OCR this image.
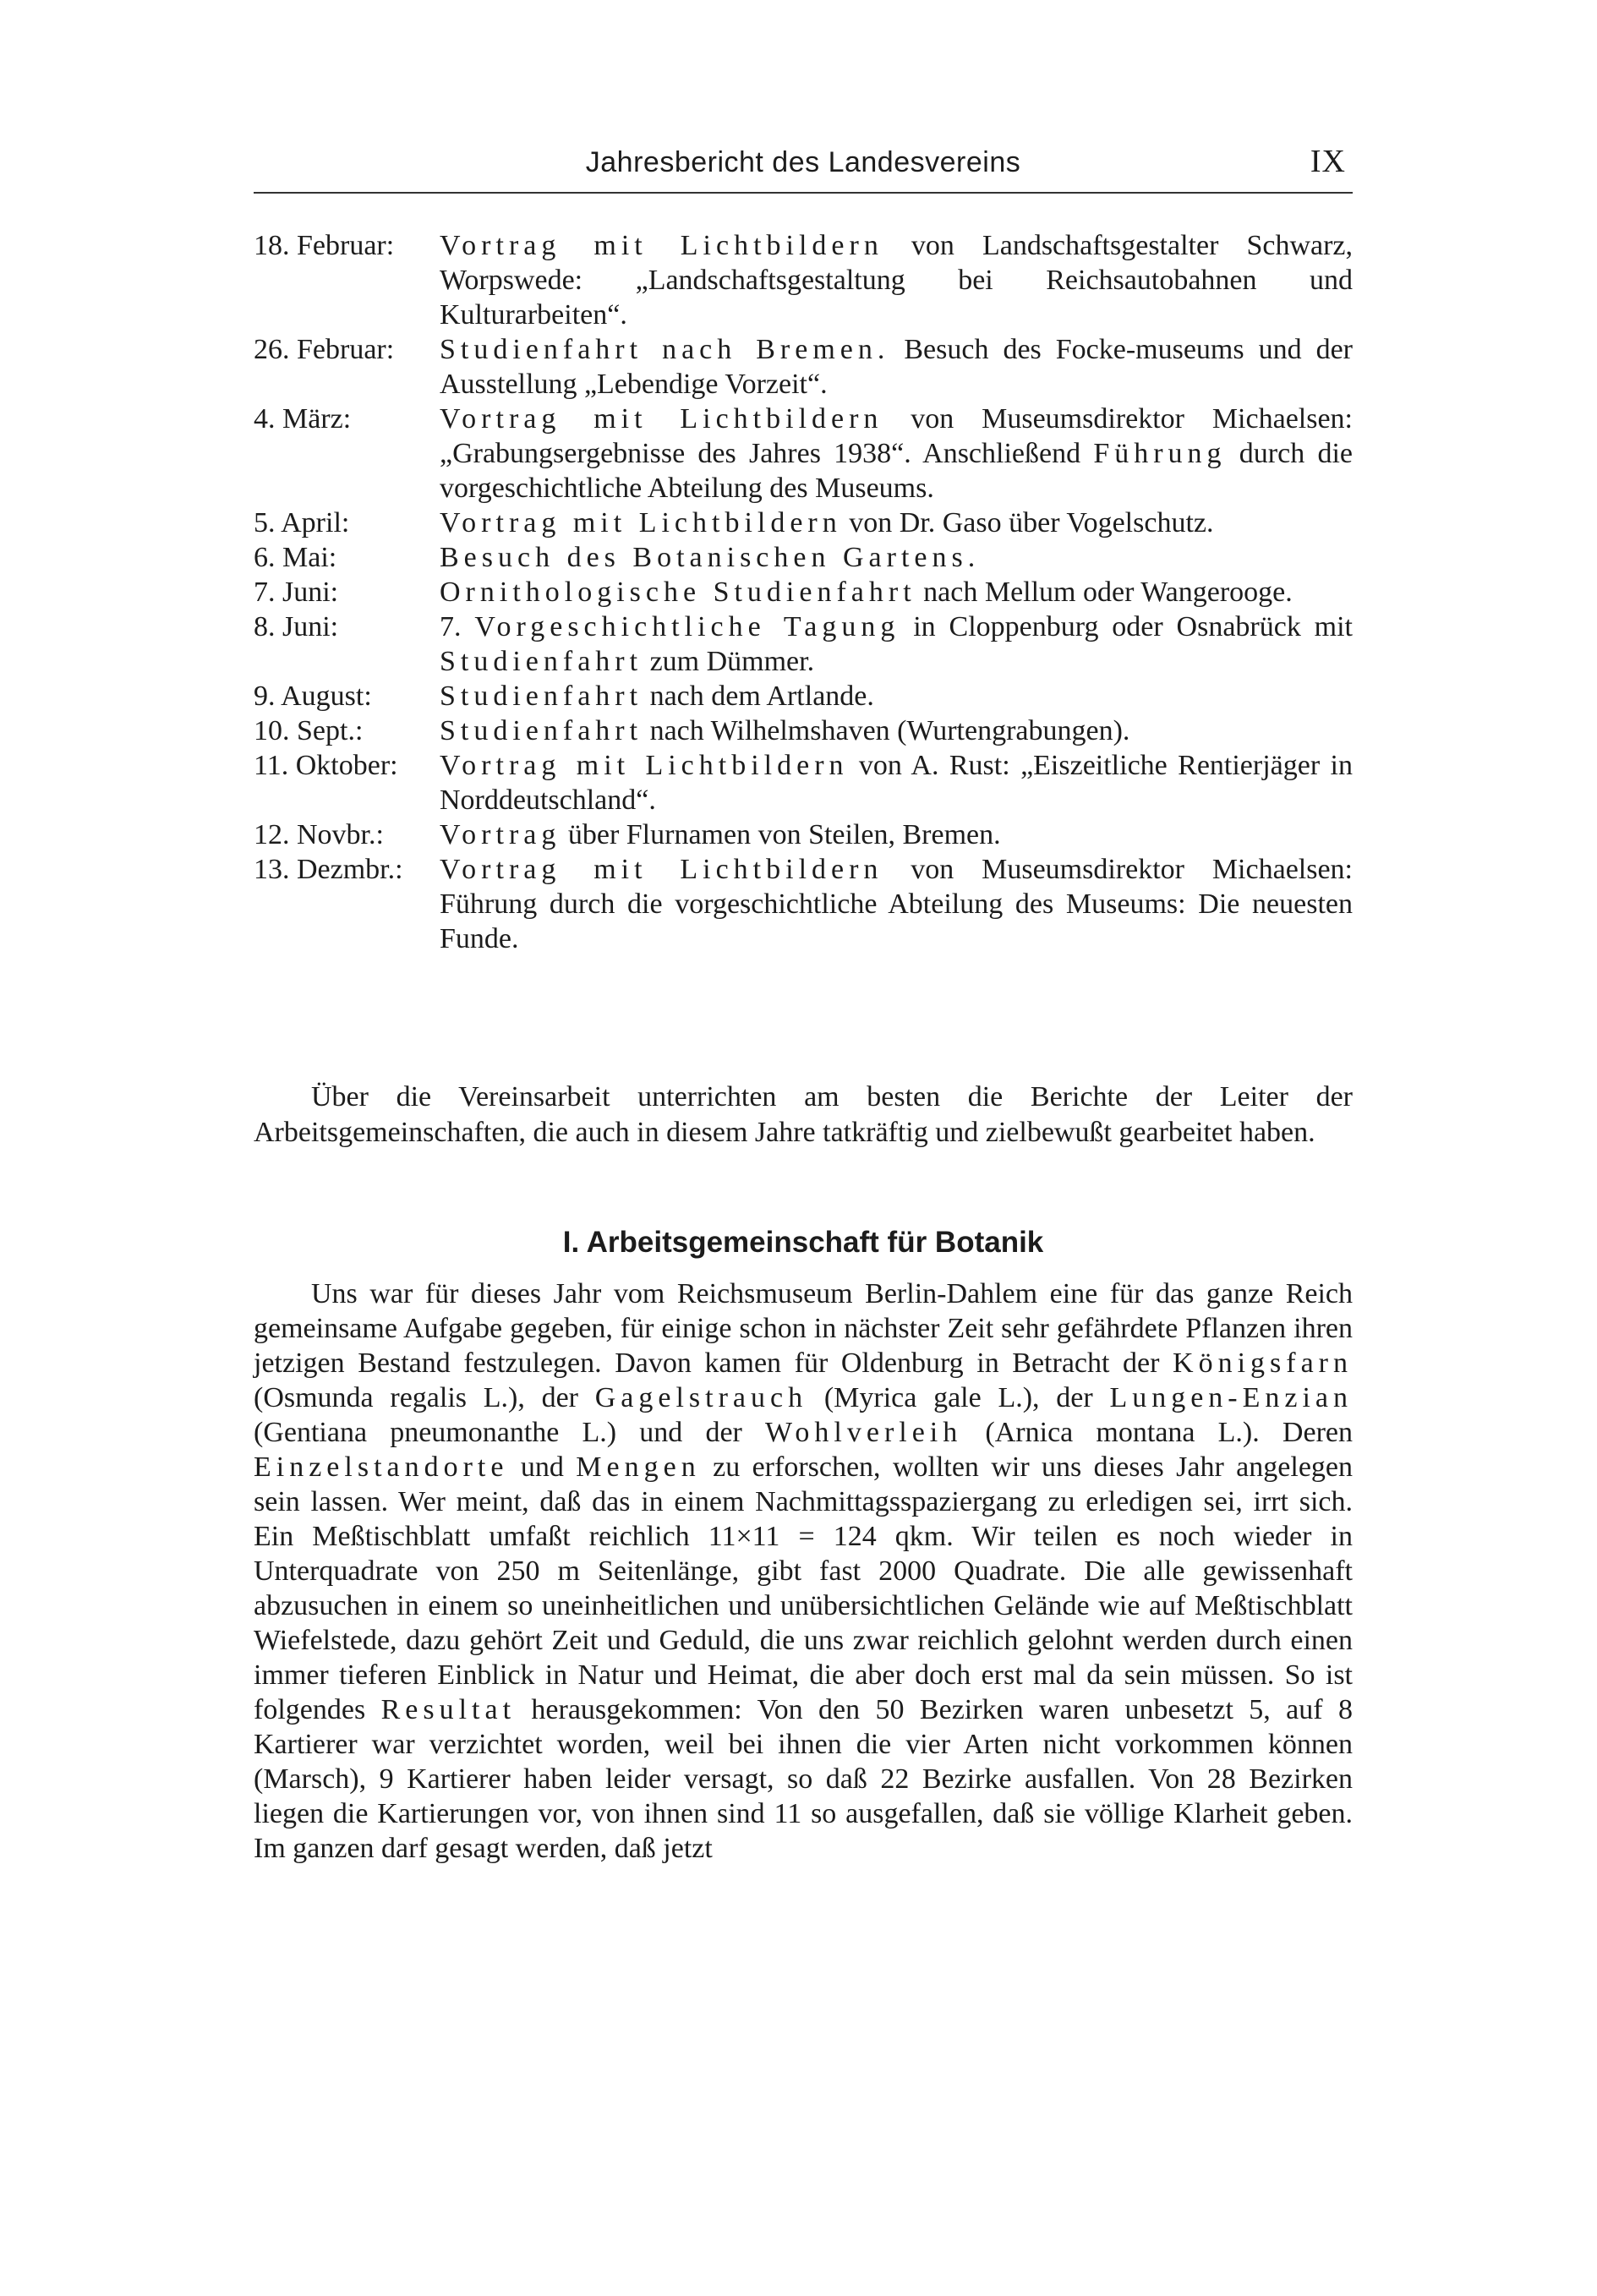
Jahresbericht des Landesvereins	IX

18. Februar:	Vortrag mit Lichtbildern von Landschaftsgestalter Schwarz, Worpswede: „Landschaftsgestaltung bei Reichsautobahnen und Kulturarbeiten“.

26. Februar:	Studienfahrt nach Bremen. Besuch des Focke-museums und der Ausstellung „Lebendige Vorzeit“.

4. März:	Vortrag mit Lichtbildern von Museumsdirektor Michaelsen: „Grabungsergebnisse des Jahres 1938“. Anschließend Führung durch die vorgeschichtliche Abteilung des Museums.

5. April:	Vortrag mit Lichtbildern von Dr. Gaso über Vogelschutz.

6. Mai:	Besuch des Botanischen Gartens.

7. Juni:	Ornithologische Studienfahrt nach Mellum oder Wangerooge.

8. Juni:	7. Vorgeschichtliche Tagung in Cloppenburg oder Osnabrück mit Studienfahrt zum Dümmer.

9. August:	Studienfahrt nach dem Artlande.

10. Sept.:	Studienfahrt nach Wilhelmshaven (Wurtengrabungen).

11. Oktober:	Vortrag mit Lichtbildern von A. Rust: „Eiszeitliche Rentierjäger in Norddeutschland“.

12. Novbr.:	Vortrag über Flurnamen von Steilen, Bremen.

13. Dezmbr.:	Vortrag mit Lichtbildern von Museumsdirektor Michaelsen: Führung durch die vorgeschichtliche Abteilung des Museums: Die neuesten Funde.

Über die Vereinsarbeit unterrichten am besten die Berichte der Leiter der Arbeitsgemeinschaften, die auch in diesem Jahre tatkräftig und zielbewußt gearbeitet haben.

I. Arbeitsgemeinschaft für Botanik

Uns war für dieses Jahr vom Reichsmuseum Berlin-Dahlem eine für das ganze Reich gemeinsame Aufgabe gegeben, für einige schon in nächster Zeit sehr gefährdete Pflanzen ihren jetzigen Bestand festzulegen. Davon kamen für Oldenburg in Betracht der Königsfarn (Osmunda regalis L.), der Gagelstrauch (Myrica gale L.), der Lungen-Enzian (Gentiana pneumonanthe L.) und der Wohlverleih (Arnica montana L.). Deren Einzelstandorte und Mengen zu erforschen, wollten wir uns dieses Jahr angelegen sein lassen. Wer meint, daß das in einem Nachmittagsspaziergang zu erledigen sei, irrt sich. Ein Meßtischblatt umfaßt reichlich 11×11 = 124 qkm. Wir teilen es noch wieder in Unterquadrate von 250 m Seitenlänge, gibt fast 2000 Quadrate. Die alle gewissenhaft abzusuchen in einem so uneinheitlichen und unübersichtlichen Gelände wie auf Meßtischblatt Wiefelstede, dazu gehört Zeit und Geduld, die uns zwar reichlich gelohnt werden durch einen immer tieferen Einblick in Natur und Heimat, die aber doch erst mal da sein müssen. So ist folgendes Resultat herausgekommen: Von den 50 Bezirken waren unbesetzt 5, auf 8 Kartierer war verzichtet worden, weil bei ihnen die vier Arten nicht vorkommen können (Marsch), 9 Kartierer haben leider versagt, so daß 22 Bezirke ausfallen. Von 28 Bezirken liegen die Kartierungen vor, von ihnen sind 11 so ausgefallen, daß sie völlige Klarheit geben. Im ganzen darf gesagt werden, daß jetzt
